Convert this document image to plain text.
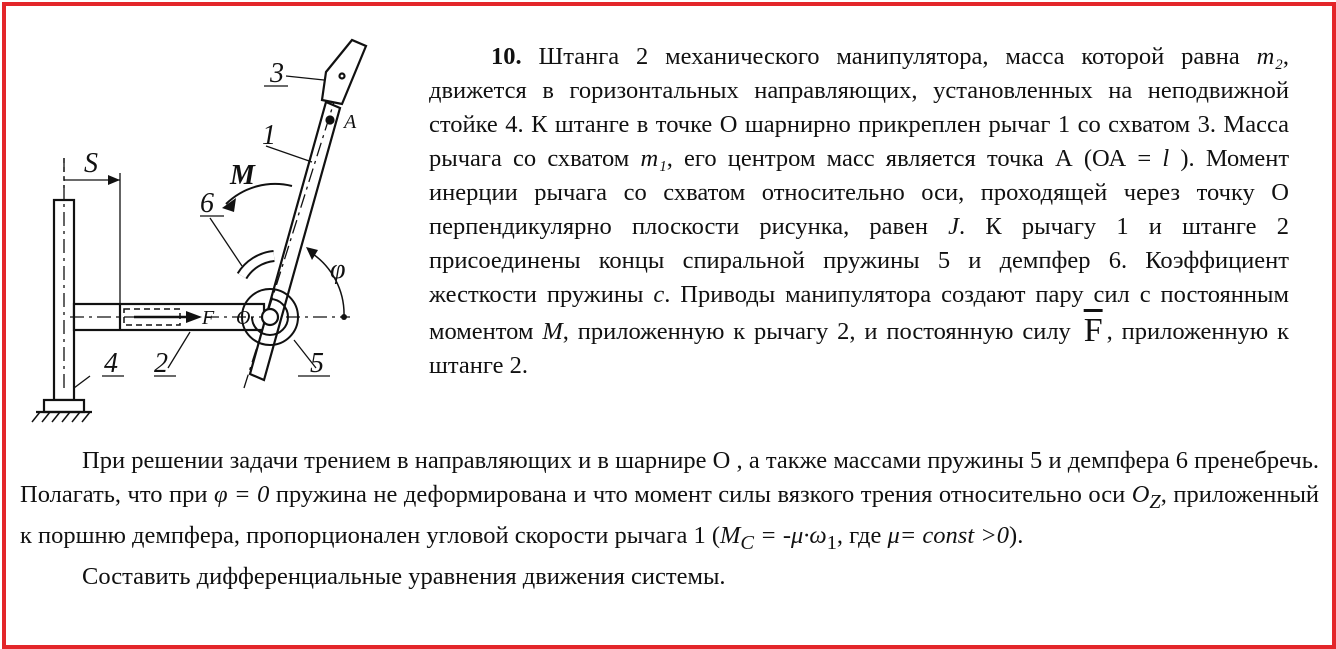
3
1	A
S	M
6
φ
F O
4 2	5

10. Штанга 2 механического манипулятора, масса которой равна m₂, движется в горизонтальных направляющих, установленных на неподвижной стойке 4. К штанге в точке О шарнирно прикреплен рычаг 1 со схватом 3. Масса рычага со схватом m₁, его центром масс является точка А (ОА = l ). Момент инерции рычага со схватом относительно оси, проходящей через точку О перпендикулярно плоскости рисунка, равен J. К рычагу 1 и штанге 2 присоединены концы спиральной пружины 5 и демпфер 6. Коэффициент жесткости пружины c. Приводы манипулятора создают пару сил с постоянным моментом M, приложенную к рычагу 2, и постоянную силу $\overline{F}$ , приложенную к штанге 2.

При решении задачи трением в направляющих и в шарнире О , а также массами пружины 5 и демпфера 6 пренебречь. Полагать, что при φ = 0 пружина не деформирована и что момент силы вязкого трения относительно оси $O_Z$, приложенный к поршню демпфера, пропорционален угловой скорости рычага 1 ($M_C = -\mu\cdot\omega_1$, где μ= const >0).

Составить дифференциальные уравнения движения системы.
